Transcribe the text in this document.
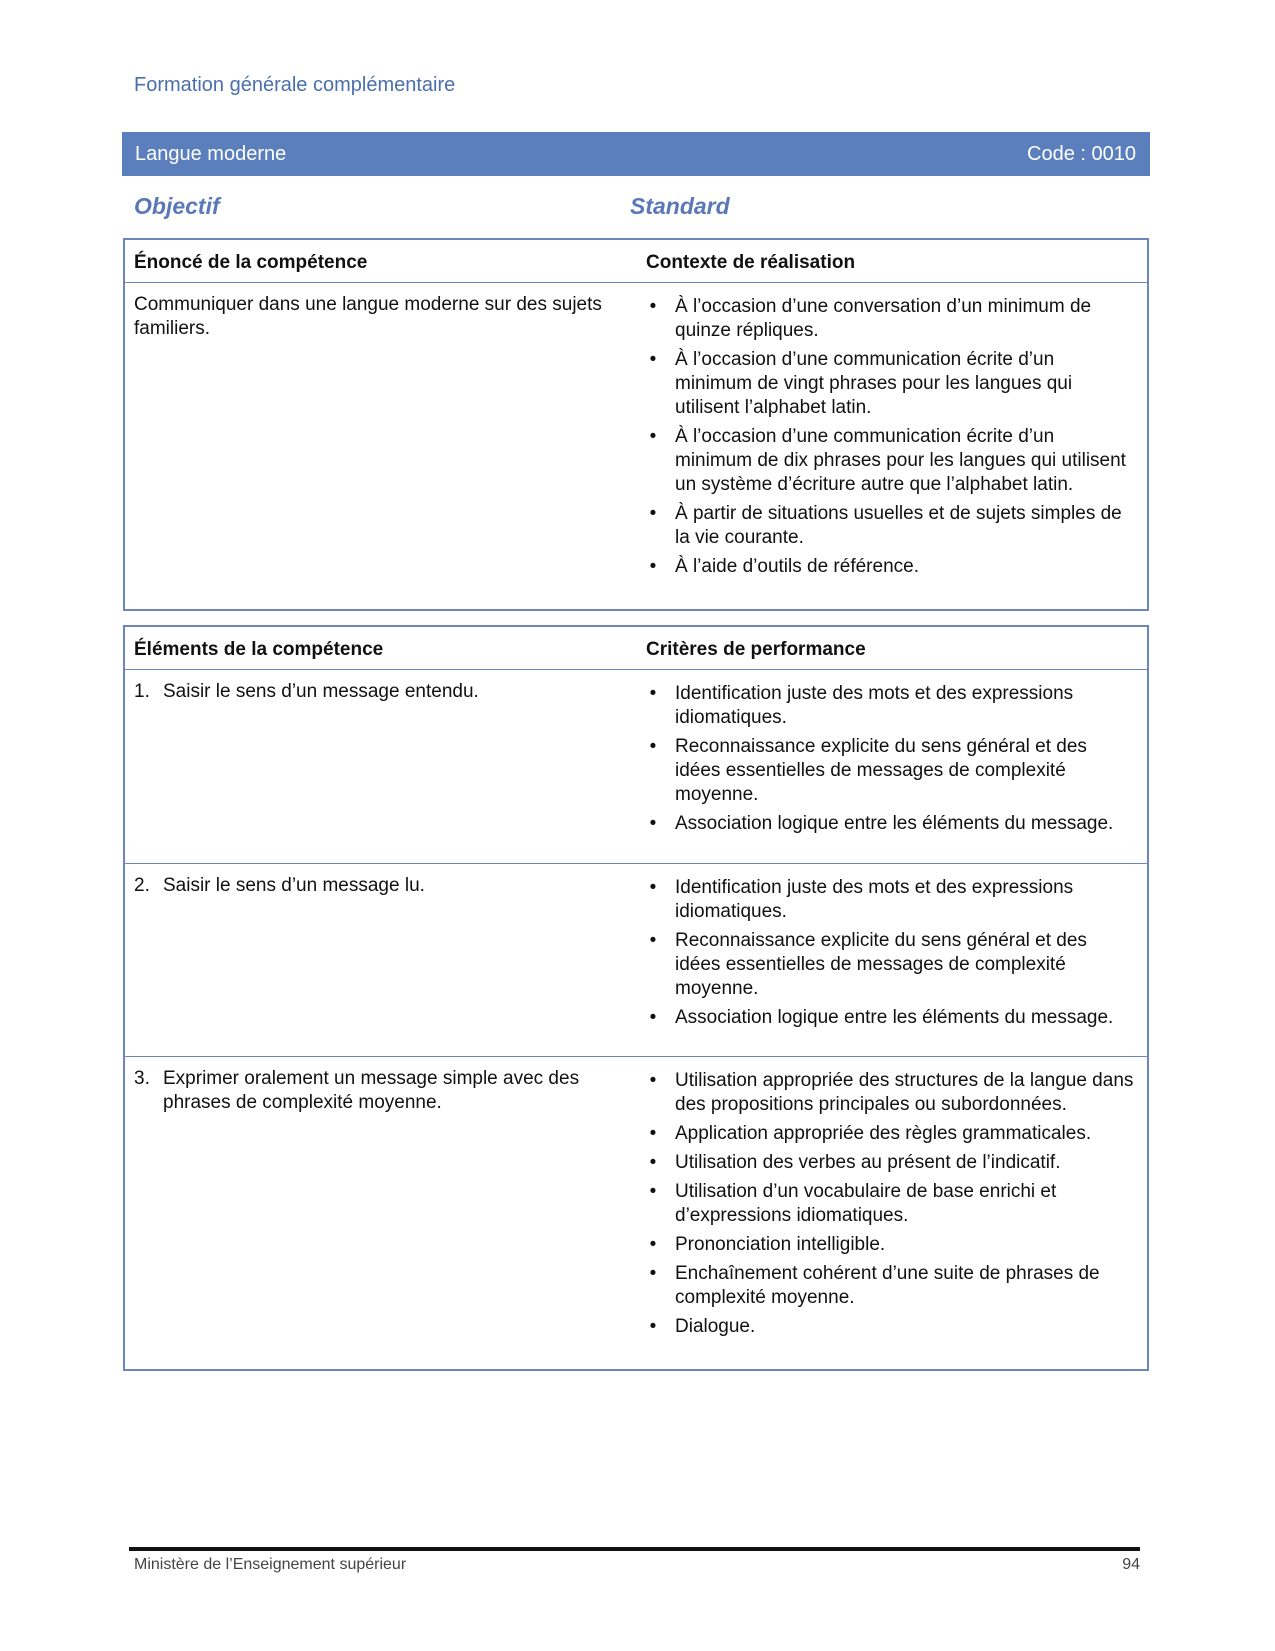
Formation générale complémentaire
Langue moderne	Code : 0010
Objectif	Standard
Énoncé de la compétence	Contexte de réalisation
Communiquer dans une langue moderne sur des sujets familiers.
• À l’occasion d’une conversation d’un minimum de quinze répliques.
• À l’occasion d’une communication écrite d’un minimum de vingt phrases pour les langues qui utilisent l’alphabet latin.
• À l’occasion d’une communication écrite d’un minimum de dix phrases pour les langues qui utilisent un système d’écriture autre que l’alphabet latin.
• À partir de situations usuelles et de sujets simples de la vie courante.
• À l’aide d’outils de référence.
Éléments de la compétence	Critères de performance
1. Saisir le sens d’un message entendu.	• Identification juste des mots et des expressions idiomatiques.
• Reconnaissance explicite du sens général et des idées essentielles de messages de complexité moyenne.
• Association logique entre les éléments du message.
2. Saisir le sens d’un message lu.	• Identification juste des mots et des expressions idiomatiques.
• Reconnaissance explicite du sens général et des idées essentielles de messages de complexité moyenne.
• Association logique entre les éléments du message.
3. Exprimer oralement un message simple avec des phrases de complexité moyenne.
• Utilisation appropriée des structures de la langue dans des propositions principales ou subordonnées.
• Application appropriée des règles grammaticales.
• Utilisation des verbes au présent de l’indicatif.
• Utilisation d’un vocabulaire de base enrichi et d’expressions idiomatiques.
• Prononciation intelligible.
• Enchaînement cohérent d’une suite de phrases de complexité moyenne.
• Dialogue.
Ministère de l’Enseignement supérieur	94
